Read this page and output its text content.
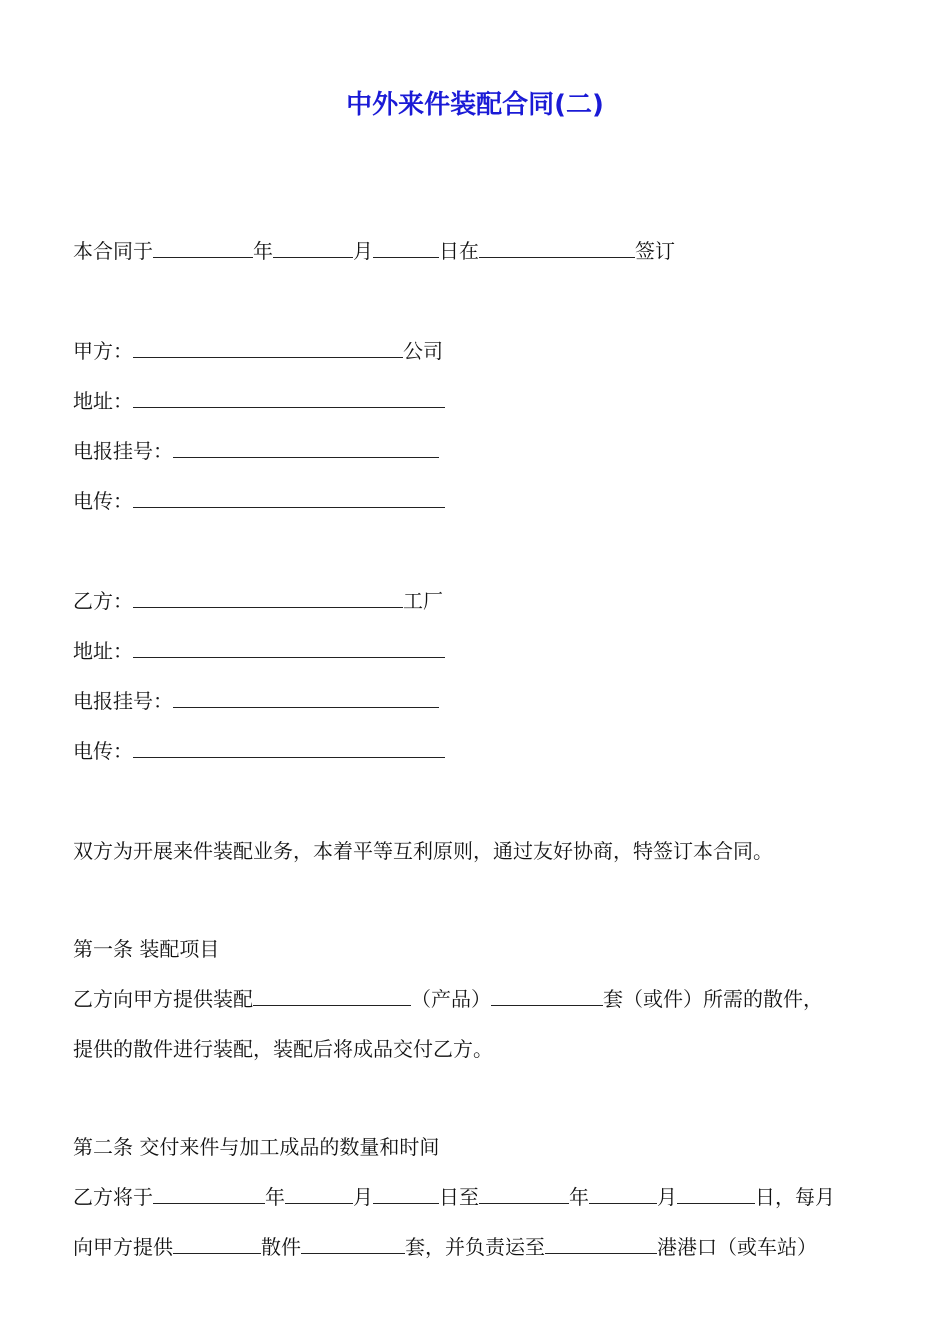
中外来件装配合同(二)
本合同于	年	月	日在	签订
甲方：	公司
地址：
电报挂号：
电传：
乙方：	工厂
地址：
电报挂号：
电传：
双方为开展来件装配业务，本着平等互利原则，通过友好协商，特签订本合同。
第一条 装配项目
乙方向甲方提供装配	（产品）	套（或件）所需的散件，
提供的散件进行装配，装配后将成品交付乙方。
第二条 交付来件与加工成品的数量和时间
乙方将于	年	月	日至	年	月	日，每月
向甲方提供	散件	套，并负责运至	港港口（或车站）
